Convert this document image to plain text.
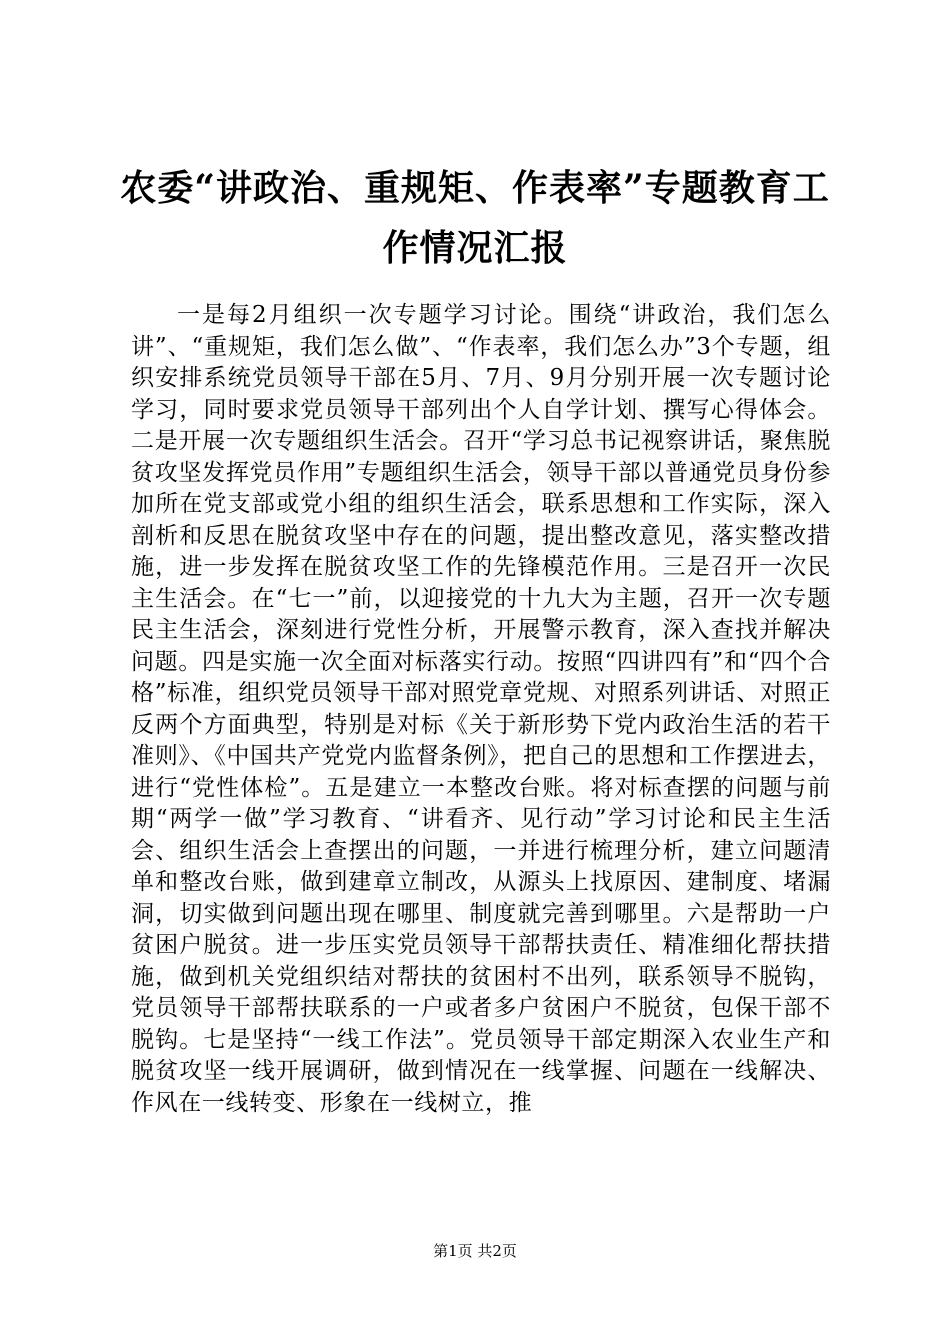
农委“讲政治、重规矩、作表率”专题教育工作情况汇报

一是每2月组织一次专题学习讨论。围绕“讲政治，我们怎么讲”、“重规矩，我们怎么做”、“作表率，我们怎么办”3个专题，组织安排系统党员领导干部在5月、7月、9月分别开展一次专题讨论学习，同时要求党员领导干部列出个人自学计划、撰写心得体会。二是开展一次专题组织生活会。召开“学习总书记视察讲话，聚焦脱贫攻坚发挥党员作用”专题组织生活会，领导干部以普通党员身份参加所在党支部或党小组的组织生活会，联系思想和工作实际，深入剖析和反思在脱贫攻坚中存在的问题，提出整改意见，落实整改措施，进一步发挥在脱贫攻坚工作的先锋模范作用。三是召开一次民主生活会。在“七一”前，以迎接党的十九大为主题，召开一次专题民主生活会，深刻进行党性分析，开展警示教育，深入查找并解决问题。四是实施一次全面对标落实行动。按照“四讲四有”和“四个合格”标准，组织党员领导干部对照党章党规、对照系列讲话、对照正反两个方面典型，特别是对标《关于新形势下党内政治生活的若干准则》、《中国共产党党内监督条例》，把自己的思想和工作摆进去，进行“党性体检”。五是建立一本整改台账。将对标查摆的问题与前期“两学一做”学习教育、“讲看齐、见行动”学习讨论和民主生活会、组织生活会上查摆出的问题，一并进行梳理分析，建立问题清单和整改台账，做到建章立制改，从源头上找原因、建制度、堵漏洞，切实做到问题出现在哪里、制度就完善到哪里。六是帮助一户贫困户脱贫。进一步压实党员领导干部帮扶责任、精准细化帮扶措施，做到机关党组织结对帮扶的贫困村不出列，联系领导不脱钩，党员领导干部帮扶联系的一户或者多户贫困户不脱贫，包保干部不脱钩。七是坚持“一线工作法”。党员领导干部定期深入农业生产和脱贫攻坚一线开展调研，做到情况在一线掌握、问题在一线解决、作风在一线转变、形象在一线树立，推

第1页 共2页
